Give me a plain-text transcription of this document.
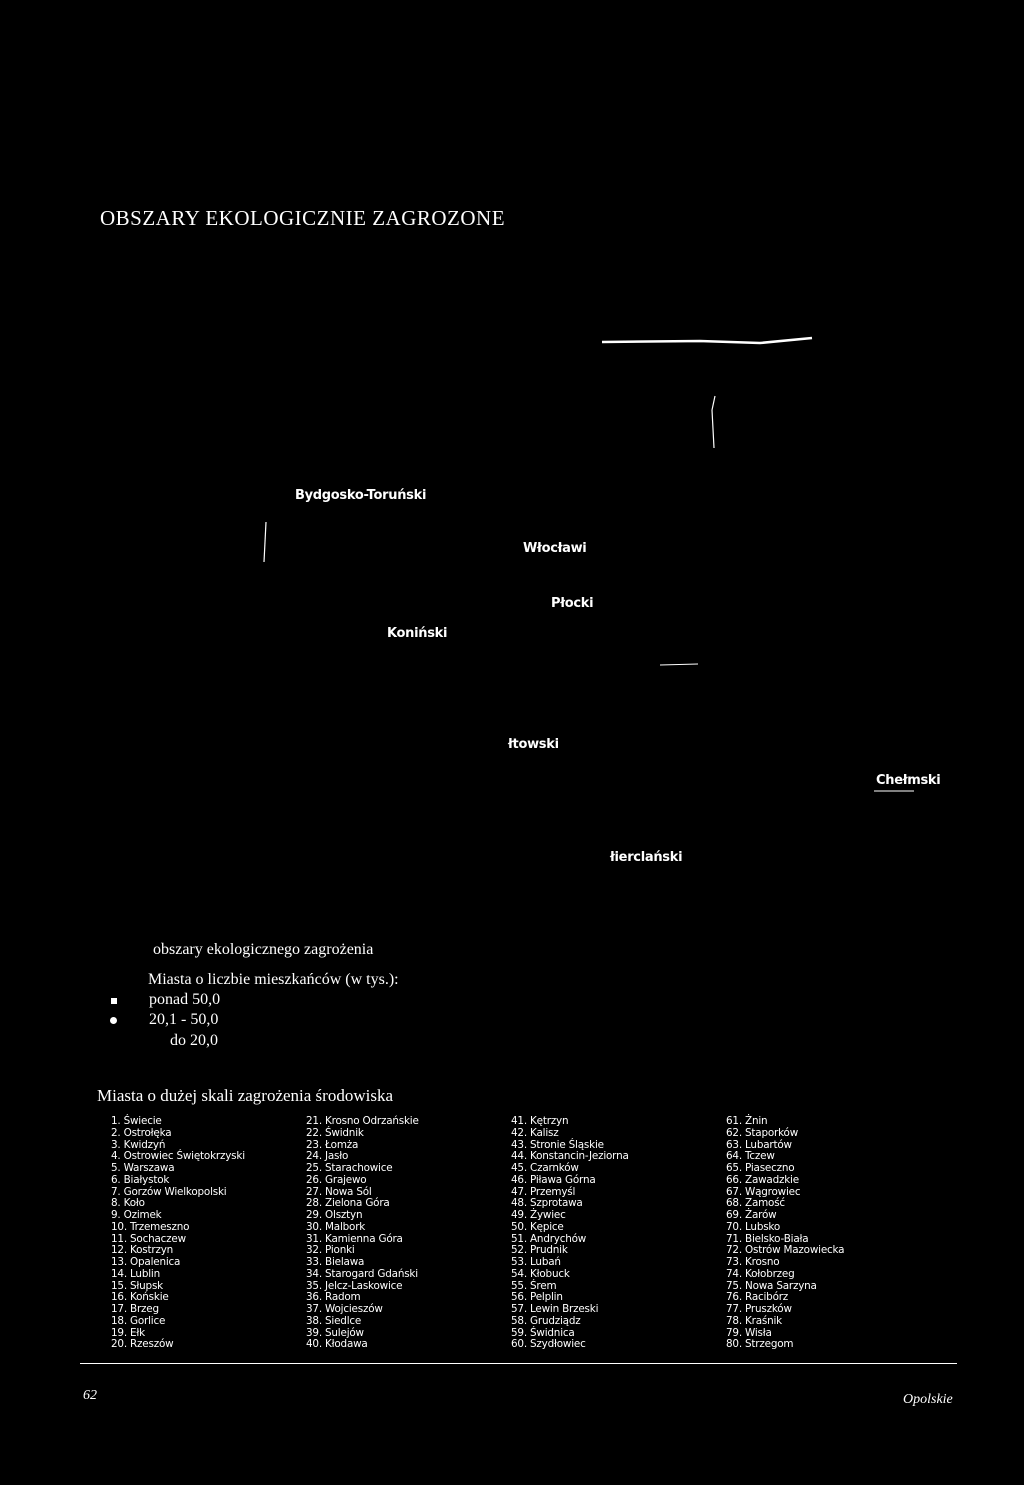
OBSZARY EKOLOGICZNIE ZAGROZONE
Bydgosko-Toruński
Włocławi
Płocki
Koniński
łtowski
Chełmski
łierclański
obszary ekologicznego zagrożenia
Miasta o liczbie mieszkańców (w tys.):
ponad 50,0
20,1 - 50,0
do 20,0
Miasta o dużej skali zagrożenia środowiska
1. Świecie
2. Ostrołęka
3. Kwidzyń
4. Ostrowiec Świętokrzyski
5. Warszawa
6. Białystok
7. Gorzów Wielkopolski
8. Koło
9. Ozimek
10. Trzemeszno
11. Sochaczew
12. Kostrzyn
13. Opalenica
14. Lublin
15. Słupsk
16. Końskie
17. Brzeg
18. Gorlice
19. Ełk
20. Rzeszów
21. Krosno Odrzańskie
22. Świdnik
23. Łomża
24. Jasło
25. Starachowice
26. Grajewo
27. Nowa Sól
28. Zielona Góra
29. Olsztyn
30. Malbork
31. Kamienna Góra
32. Pionki
33. Bielawa
34. Starogard Gdański
35. Jelcz-Laskowice
36. Radom
37. Wojcieszów
38. Siedlce
39. Sulejów
40. Kłodawa
41. Kętrzyn
42. Kalisz
43. Stronie Śląskie
44. Konstancin-Jeziorna
45. Czarnków
46. Piława Górna
47. Przemyśl
48. Szprotawa
49. Żywiec
50. Kępice
51. Andrychów
52. Prudnik
53. Lubań
54. Kłobuck
55. Śrem
56. Pelplin
57. Lewin Brzeski
58. Grudziądz
59. Świdnica
60. Szydłowiec
61. Żnin
62. Staporków
63. Lubartów
64. Tczew
65. Piaseczno
66. Zawadzkie
67. Wągrowiec
68. Zamość
69. Żarów
70. Lubsko
71. Bielsko-Biała
72. Ostrów Mazowiecka
73. Krosno
74. Kołobrzeg
75. Nowa Sarzyna
76. Racibórz
77. Pruszków
78. Kraśnik
79. Wisła
80. Strzegom
62	Opolskie
